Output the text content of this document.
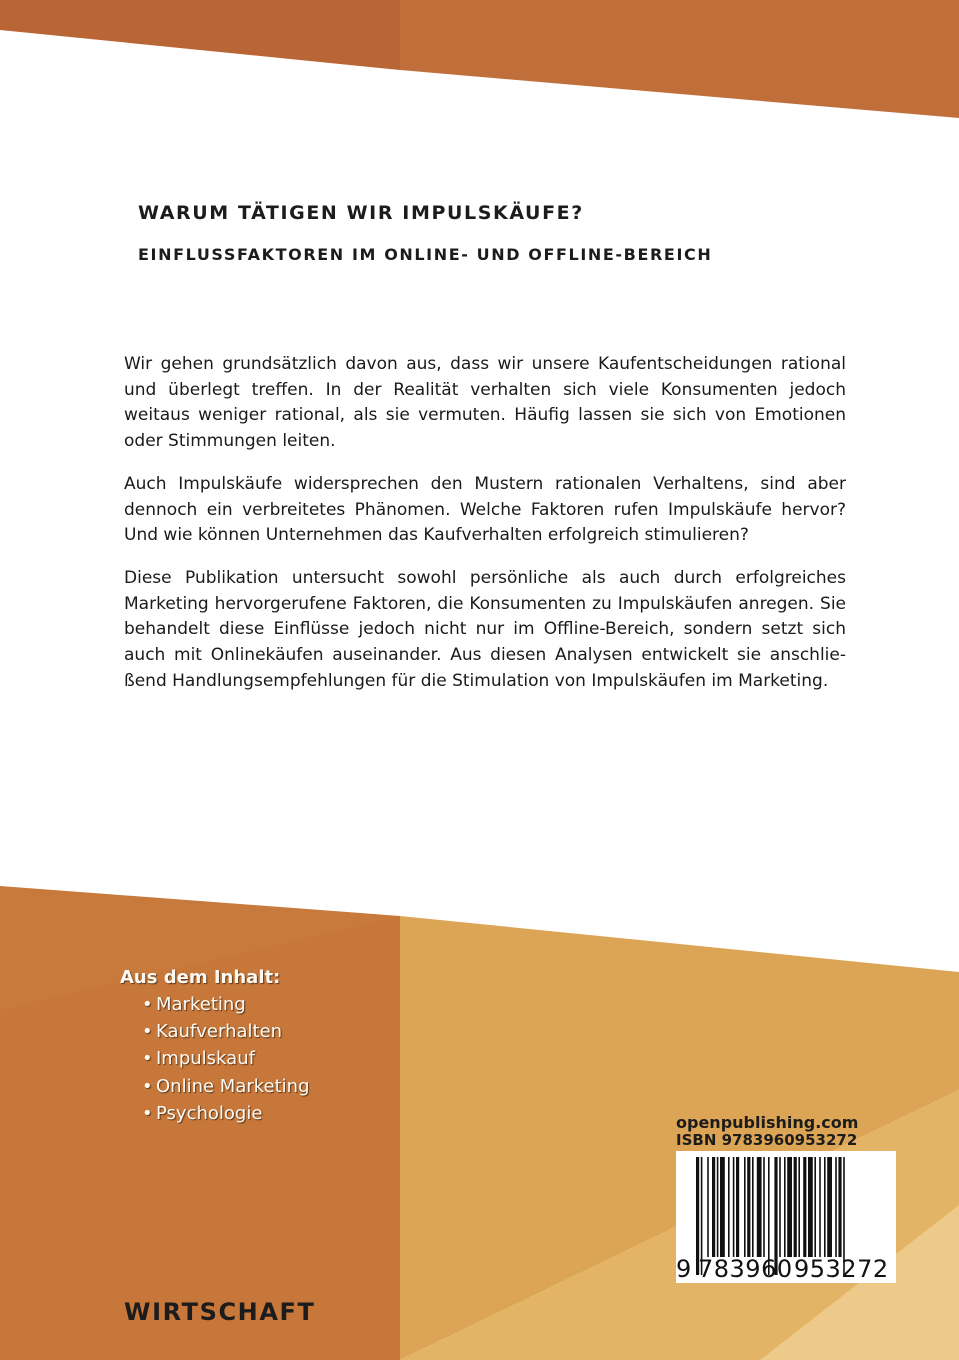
WARUM TÄTIGEN WIR IMPULSKÄUFE?
EINFLUSSFAKTOREN IM ONLINE- UND OFFLINE-BEREICH

Wir gehen grundsätzlich davon aus, dass wir unsere Kaufentscheidungen rational und überlegt treffen. In der Realität verhalten sich viele Konsumenten jedoch weitaus weniger rational, als sie vermuten. Häufig lassen sie sich von Emotionen oder Stimmungen leiten.

Auch Impulskäufe widersprechen den Mustern rationalen Verhaltens, sind aber dennoch ein verbreitetes Phänomen. Welche Faktoren rufen Impulskäufe hervor? Und wie können Unternehmen das Kaufverhalten erfolgreich stimulieren?

Diese Publikation untersucht sowohl persönliche als auch durch erfolgreiches Marketing hervorgerufene Faktoren, die Konsumenten zu Impulskäufen anregen. Sie behandelt diese Einflüsse jedoch nicht nur im Offline-Bereich, sondern setzt sich auch mit Onlinekäufen auseinander. Aus diesen Analysen entwickelt sie anschließend Handlungsempfehlungen für die Stimulation von Impulskäufen im Marketing.

Aus dem Inhalt:

• Marketing
• Kaufverhalten
• Impulskauf
• Online Marketing
• Psychologie

WIRTSCHAFT

openpublishing.com
ISBN 9783960953272
9 783960 953272
